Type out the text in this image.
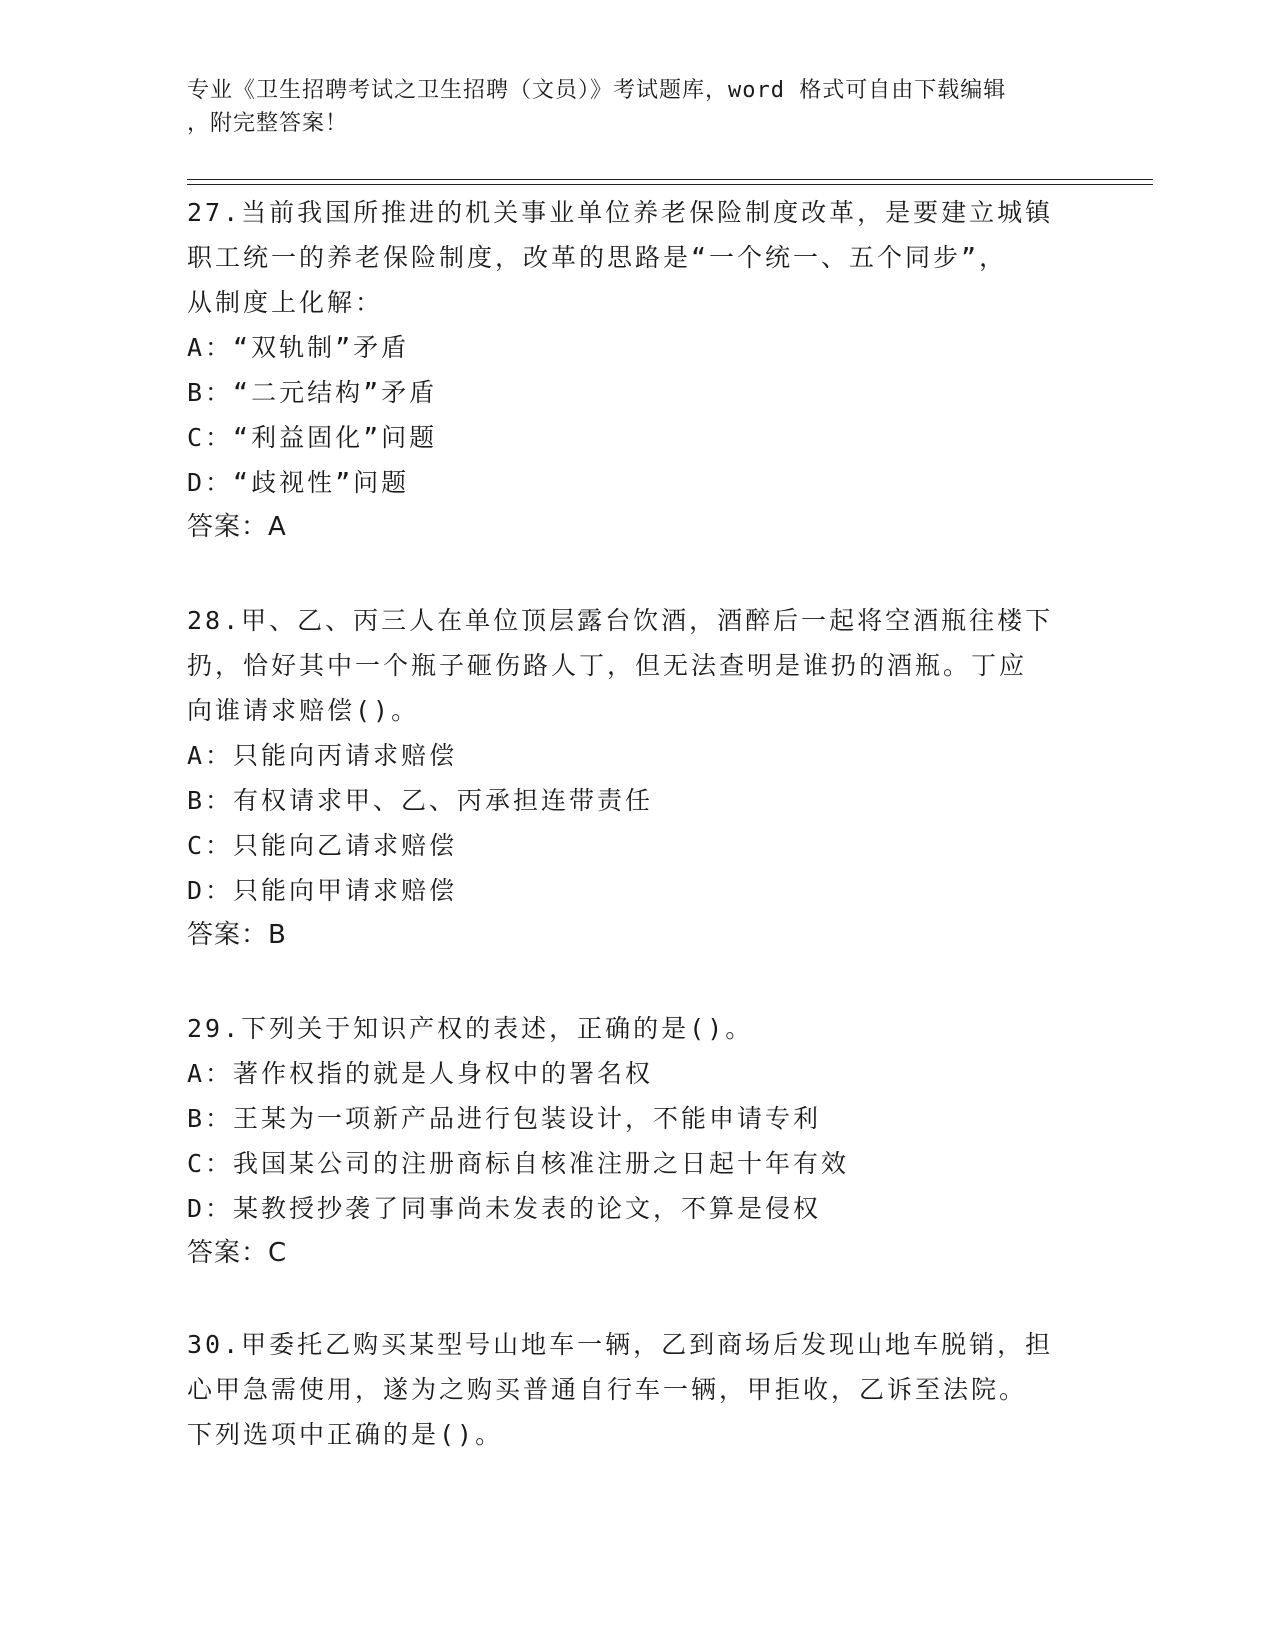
专业《卫生招聘考试之卫生招聘（文员）》考试题库，word 格式可自由下载编辑
，附完整答案！
27.当前我国所推进的机关事业单位养老保险制度改革，是要建立城镇
职工统一的养老保险制度，改革的思路是“一个统一、五个同步”，
从制度上化解：
A：“双轨制”矛盾
B：“二元结构”矛盾
C：“利益固化”问题
D：“歧视性”问题
答案：A
28.甲、乙、丙三人在单位顶层露台饮酒，酒醉后一起将空酒瓶往楼下
扔，恰好其中一个瓶子砸伤路人丁，但无法查明是谁扔的酒瓶。丁应
向谁请求赔偿()。
A：只能向丙请求赔偿
B：有权请求甲、乙、丙承担连带责任
C：只能向乙请求赔偿
D：只能向甲请求赔偿
答案：B
29.下列关于知识产权的表述，正确的是()。
A：著作权指的就是人身权中的署名权
B：王某为一项新产品进行包装设计，不能申请专利
C：我国某公司的注册商标自核准注册之日起十年有效
D：某教授抄袭了同事尚未发表的论文，不算是侵权
答案：C
30.甲委托乙购买某型号山地车一辆，乙到商场后发现山地车脱销，担
心甲急需使用，遂为之购买普通自行车一辆，甲拒收，乙诉至法院。
下列选项中正确的是()。
